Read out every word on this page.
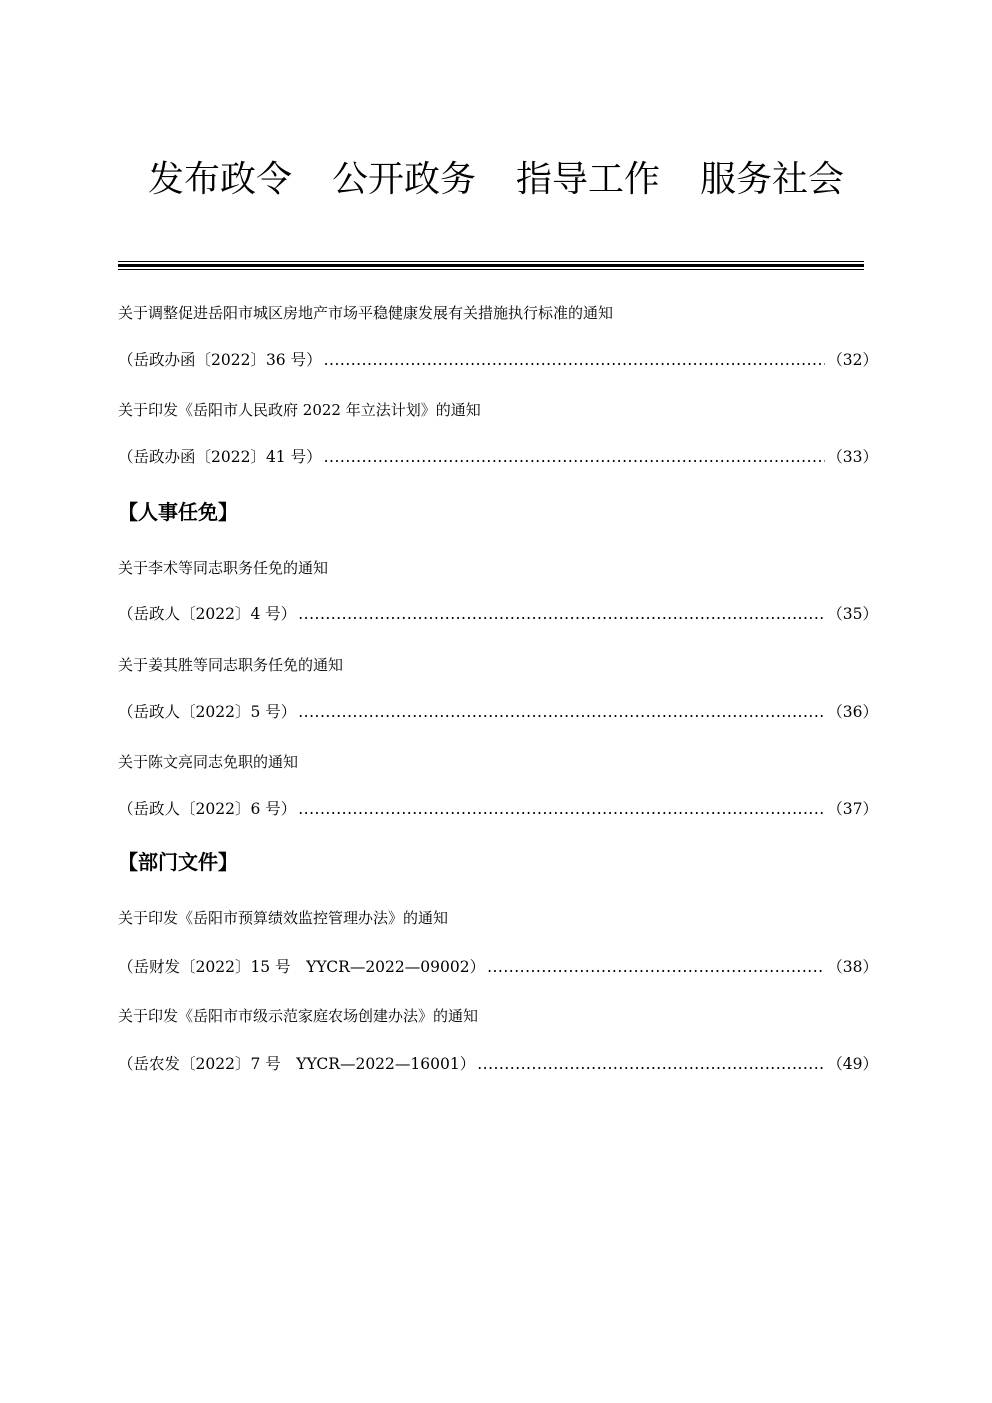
发布政令 公开政务 指导工作 服务社会
关于调整促进岳阳市城区房地产市场平稳健康发展有关措施执行标准的通知
（岳政办函〔2022〕36 号） .....	（32）
关于印发《岳阳市人民政府 2022 年立法计划》的通知
（岳政办函〔2022〕41 号） .....	（33）
【人事任免】
关于李术等同志职务任免的通知
（岳政人〔2022〕4 号） .....	（35）
关于姜其胜等同志职务任免的通知
（岳政人〔2022〕5 号） .....	（36）
关于陈文亮同志免职的通知
（岳政人〔2022〕6 号） .....	（37）
【部门文件】
关于印发《岳阳市预算绩效监控管理办法》的通知
（岳财发〔2022〕15 号　YYCR—2022—09002） .....	（38）
关于印发《岳阳市市级示范家庭农场创建办法》的通知
（岳农发〔2022〕7 号　YYCR—2022—16001） .....	（49）
